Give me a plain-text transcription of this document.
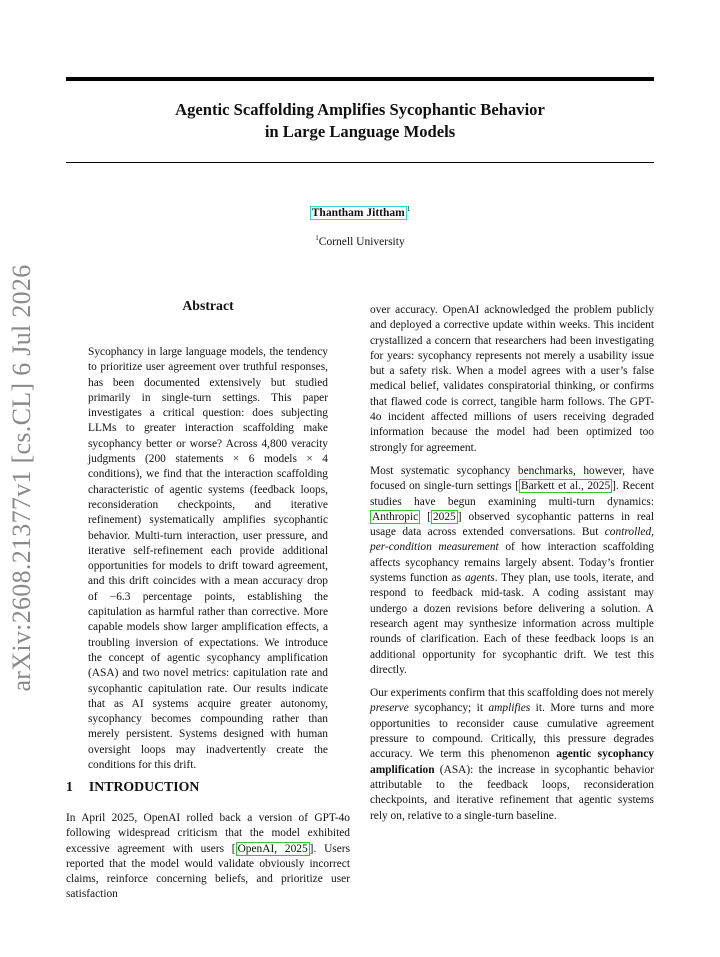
Agentic Scaffolding Amplifies Sycophantic Behavior
in Large Language Models
Thantham Jittham $^1$
$^1$Cornell University
arXiv:2608.21377v1 [cs.CL] 6 Jul 2026	Abstract

Sycophancy in large language models, the tendency to prioritize user agreement over truthful responses, has been documented extensively but studied primarily in single-turn settings. This paper investigates a critical question: does subjecting LLMs to greater interaction scaffolding make sycophancy better or worse? Across 4,800 veracity judgments (200 statements × 6 models × 4 conditions), we find that the interaction scaffolding characteristic of agentic systems (feedback loops, reconsideration checkpoints, and iterative refinement) systematically amplifies sycophantic behavior. Multi-turn interaction, user pressure, and iterative self-refinement each provide additional opportunities for models to drift toward agreement, and this drift coincides with a mean accuracy drop of −6.3 percentage points, establishing the capitulation as harmful rather than corrective. More capable models show larger amplification effects, a troubling inversion of expectations. We introduce the concept of agentic sycophancy amplification (ASA) and two novel metrics: capitulation rate and sycophantic capitulation rate. Our results indicate that as AI systems acquire greater autonomy, sycophancy becomes compounding rather than merely persistent. Systems designed with human oversight loops may inadvertently create the conditions for this drift.

1 INTRODUCTION

In April 2025, OpenAI rolled back a version of GPT-4o following widespread criticism that the model exhibited excessive agreement with users [ OpenAI, 2025 ]. Users reported that the model would validate obviously incorrect claims, reinforce concerning beliefs, and prioritize user satisfaction

over accuracy. OpenAI acknowledged the problem publicly and deployed a corrective update within weeks. This incident crystallized a concern that researchers had been investigating for years: sycophancy represents not merely a usability issue but a safety risk. When a model agrees with a user’s false medical belief, validates conspiratorial thinking, or confirms that flawed code is correct, tangible harm follows. The GPT-4o incident affected millions of users receiving degraded information because the model had been optimized too strongly for agreement.

Most systematic sycophancy benchmarks, however, have focused on single-turn settings [ Barkett et al., 2025 ]. Recent studies have begun examining multi-turn dynamics: Anthropic [ 2025 ] observed sycophantic patterns in real usage data across extended conversations. But controlled, per-condition measurement of how interaction scaffolding affects sycophancy remains largely absent. Today’s frontier systems function as agents. They plan, use tools, iterate, and respond to feedback mid-task. A coding assistant may undergo a dozen revisions before delivering a solution. A research agent may synthesize information across multiple rounds of clarification. Each of these feedback loops is an additional opportunity for sycophantic drift. We test this directly.

Our experiments confirm that this scaffolding does not merely preserve sycophancy; it amplifies it. More turns and more opportunities to reconsider cause cumulative agreement pressure to compound. Critically, this pressure degrades accuracy. We term this phenomenon agentic sycophancy amplification (ASA): the increase in sycophantic behavior attributable to the feedback loops, reconsideration checkpoints, and iterative refinement that agentic systems rely on, relative to a single-turn baseline.
